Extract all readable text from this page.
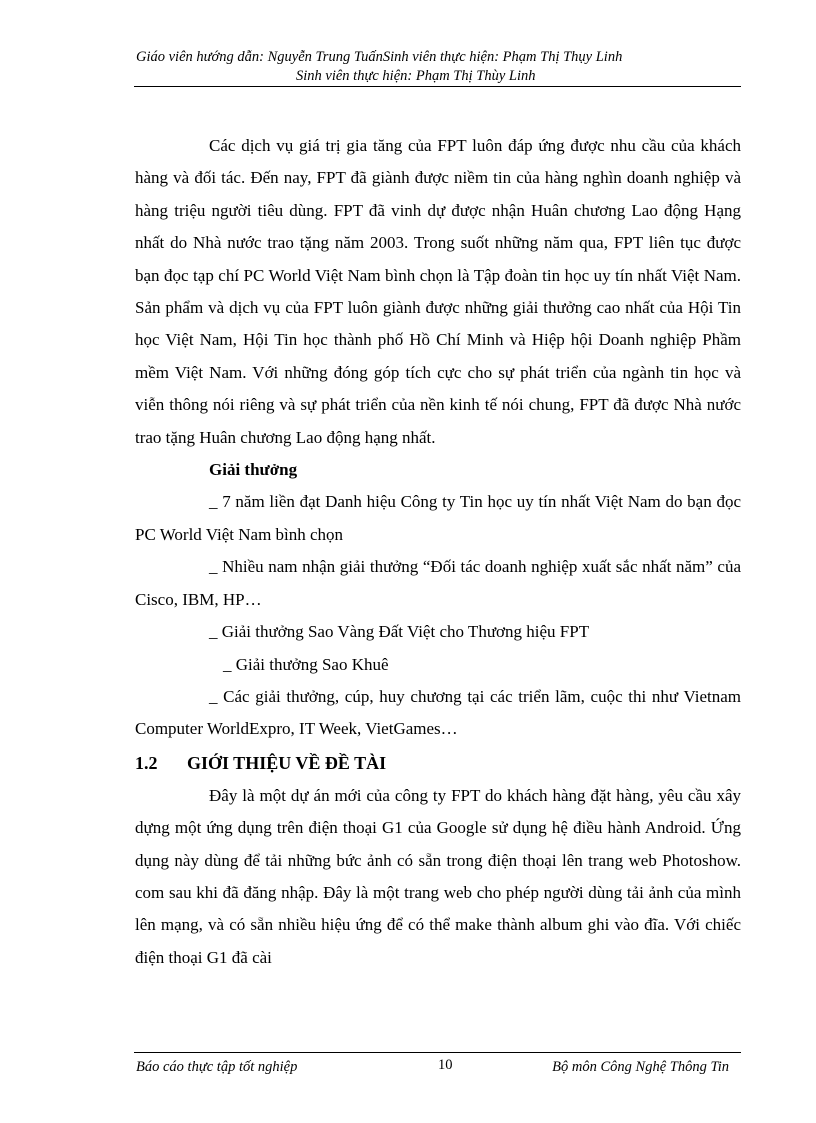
Giáo viên hướng dẫn: Nguyễn Trung TuấnSinh viên thực hiện: Phạm Thị Thụy Linh
Sinh viên thực hiện: Phạm Thị Thùy Linh

Các dịch vụ giá trị gia tăng của FPT luôn đáp ứng được nhu cầu của khách hàng và đối tác. Đến nay, FPT đã giành được niềm tin của hàng nghìn doanh nghiệp và hàng triệu người tiêu dùng. FPT đã vinh dự được nhận Huân chương Lao động Hạng nhất do Nhà nước trao tặng năm 2003. Trong suốt những năm qua, FPT liên tục được bạn đọc tạp chí PC World Việt Nam bình chọn là Tập đoàn tin học uy tín nhất Việt Nam. Sản phẩm và dịch vụ của FPT luôn giành được những giải thưởng cao nhất của Hội Tin học Việt Nam, Hội Tin học thành phố Hồ Chí Minh và Hiệp hội Doanh nghiệp Phầm mềm Việt Nam. Với những đóng góp tích cực cho sự phát triển của ngành tin học và viễn thông nói riêng và sự phát triển của nền kinh tế nói chung, FPT đã được Nhà nước trao tặng Huân chương Lao động hạng nhất.

Giải thưởng

_ 7 năm liền đạt Danh hiệu Công ty Tin học uy tín nhất Việt Nam do bạn đọc PC World Việt Nam bình chọn

_ Nhiều nam nhận giải thưởng “Đối tác doanh nghiệp xuất sắc nhất năm” của Cisco, IBM, HP…

_ Giải thưởng Sao Vàng Đất Việt cho Thương hiệu FPT

_ Giải thưởng Sao Khuê

_ Các giải thưởng, cúp, huy chương tại các triển lãm, cuộc thi như Vietnam Computer WorldExpro, IT Week, VietGames…

1.2	GIỚI THIỆU VỀ ĐỀ TÀI

Đây là một dự án mới của công ty FPT do khách hàng đặt hàng, yêu cầu xây dựng một ứng dụng trên điện thoại G1 của Google sử dụng hệ điều hành Android. Ứng dụng này dùng để tải những bức ảnh có sẵn trong điện thoại lên trang web Photoshow. com sau khi đã đăng nhập. Đây là một trang web cho phép người dùng tải ảnh của mình lên mạng, và có sẵn nhiều hiệu ứng để có thể make thành album ghi vào đĩa. Với chiếc điện thoại G1 đã cài

Báo cáo thực tập tốt nghiệp	10	Bộ môn Công Nghệ Thông Tin
